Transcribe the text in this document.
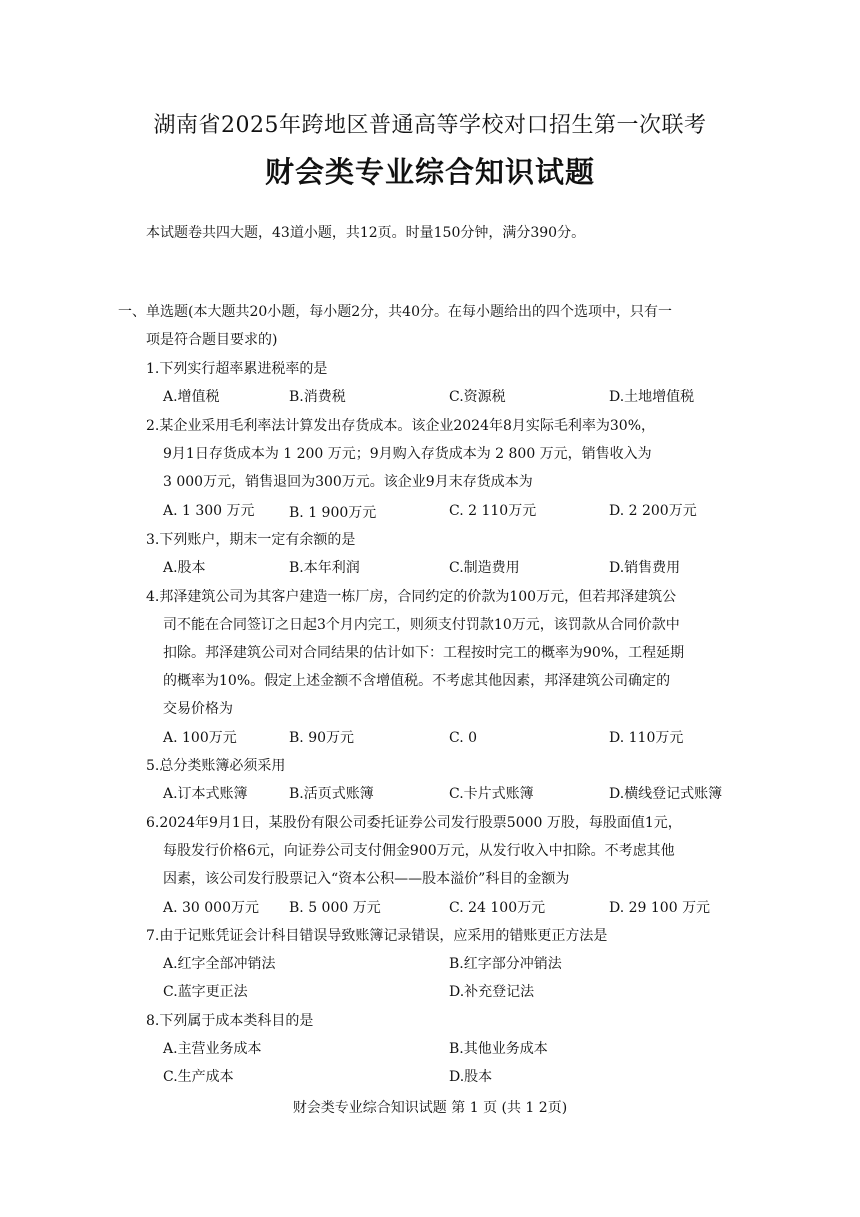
湖南省2025年跨地区普通高等学校对口招生第一次联考
财会类专业综合知识试题
本试题卷共四大题，43道小题，共12页。时量150分钟，满分390分。
一、单选题(本大题共20小题，每小题2分，共40分。在每小题给出的四个选项中，只有一
项是符合题目要求的)
1.下列实行超率累进税率的是
A.增值税	B.消费税	C.资源税	D.土地增值税
2.某企业采用毛利率法计算发出存货成本。该企业2024年8月实际毛利率为30%，
9月1日存货成本为 1 200 万元；9月购入存货成本为 2 800 万元，销售收入为
3 000万元，销售退回为300万元。该企业9月末存货成本为
A. 1 300 万元 B. 1 900万元	C. 2 110万元	D. 2 200万元
3.下列账户，期末一定有余额的是
A.股本	B.本年利润	C.制造费用	D.销售费用
4.邦泽建筑公司为其客户建造一栋厂房，合同约定的价款为100万元，但若邦泽建筑公
司不能在合同签订之日起3个月内完工，则须支付罚款10万元，该罚款从合同价款中
扣除。邦泽建筑公司对合同结果的估计如下：工程按时完工的概率为90%，工程延期
的概率为10%。假定上述金额不含增值税。不考虑其他因素，邦泽建筑公司确定的
交易价格为
A. 100万元	B. 90万元	C. 0	D. 110万元
5.总分类账簿必须采用
A.订本式账簿	B.活页式账簿	C.卡片式账簿	D.横线登记式账簿
6.2024年9月1日，某股份有限公司委托证券公司发行股票5000 万股，每股面值1元，
每股发行价格6元，向证券公司支付佣金900万元，从发行收入中扣除。不考虑其他
因素，该公司发行股票记入“资本公积——股本溢价”科目的金额为
A. 30 000万元 B. 5 000 万元	C. 24 100万元	D. 29 100 万元
7.由于记账凭证会计科目错误导致账簿记录错误，应采用的错账更正方法是
A.红字全部冲销法	B.红字部分冲销法
C.蓝字更正法	D.补充登记法
8.下列属于成本类科目的是
A.主营业务成本	B.其他业务成本
C.生产成本	D.股本
财会类专业综合知识试题 第 1 页 (共 1 2页)
